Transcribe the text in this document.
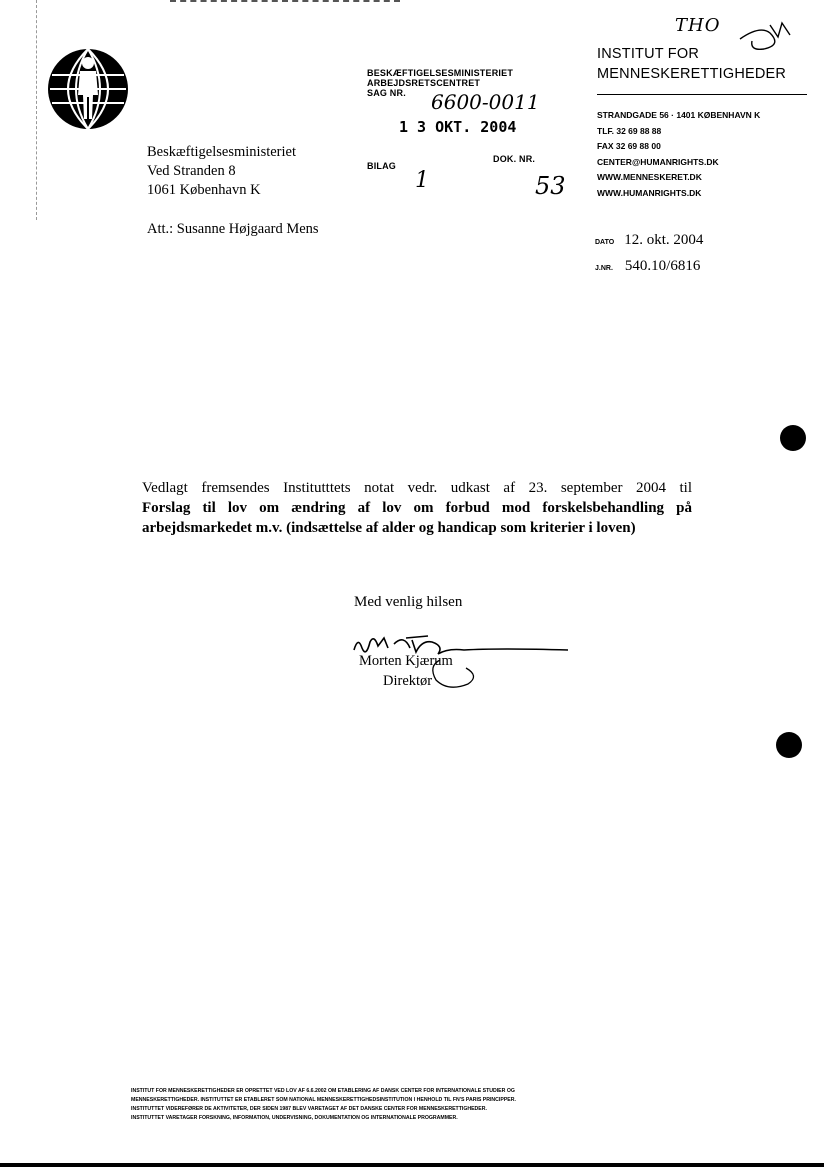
THO
INSTITUT FOR
MENNESKERETTIGHEDER
STRANDGADE 56 · 1401 KØBENHAVN K
TLF. 32 69 88 88
FAX 32 69 88 00
CENTER@HUMANRIGHTS.DK
WWW.MENNESKERET.DK
WWW.HUMANRIGHTS.DK
BESKÆFTIGELSESMINISTERIET
ARBEJDSRETSCENTRET
SAG NR. 6600-0011
1 3 OKT. 2004
BILAG
1
DOK. NR.
53
Beskæftigelsesministeriet
Ved Stranden 8
1061 København K
Att.: Susanne Højgaard Mens
DATO 12. okt. 2004
J.NR. 540.10/6816
Vedlagt fremsendes Institutttets notat vedr. udkast af 23. september 2004 til
Forslag til lov om ændring af lov om forbud mod forskelsbehandling på
arbejdsmarkedet m.v. (indsættelse af alder og handicap som kriterier i loven)
Med venlig hilsen
Morten Kjærum
Direktør
INSTITUT FOR MENNESKERETTIGHEDER ER OPRETTET VED LOV AF 6.6.2002 OM ETABLERING AF DANSK CENTER FOR INTERNATIONALE STUDIER OG
MENNESKERETTIGHEDER. INSTITUTTET ER ETABLERET SOM NATIONAL MENNESKERETTIGHEDSINSTITUTION I HENHOLD TIL FN'S PARIS PRINCIPPER.
INSTITUTTET VIDEREFØRER DE AKTIVITETER, DER SIDEN 1987 BLEV VARETAGET AF DET DANSKE CENTER FOR MENNESKERETTIGHEDER.
INSTITUTTET VARETAGER FORSKNING, INFORMATION, UNDERVISNING, DOKUMENTATION OG INTERNATIONALE PROGRAMMER.
